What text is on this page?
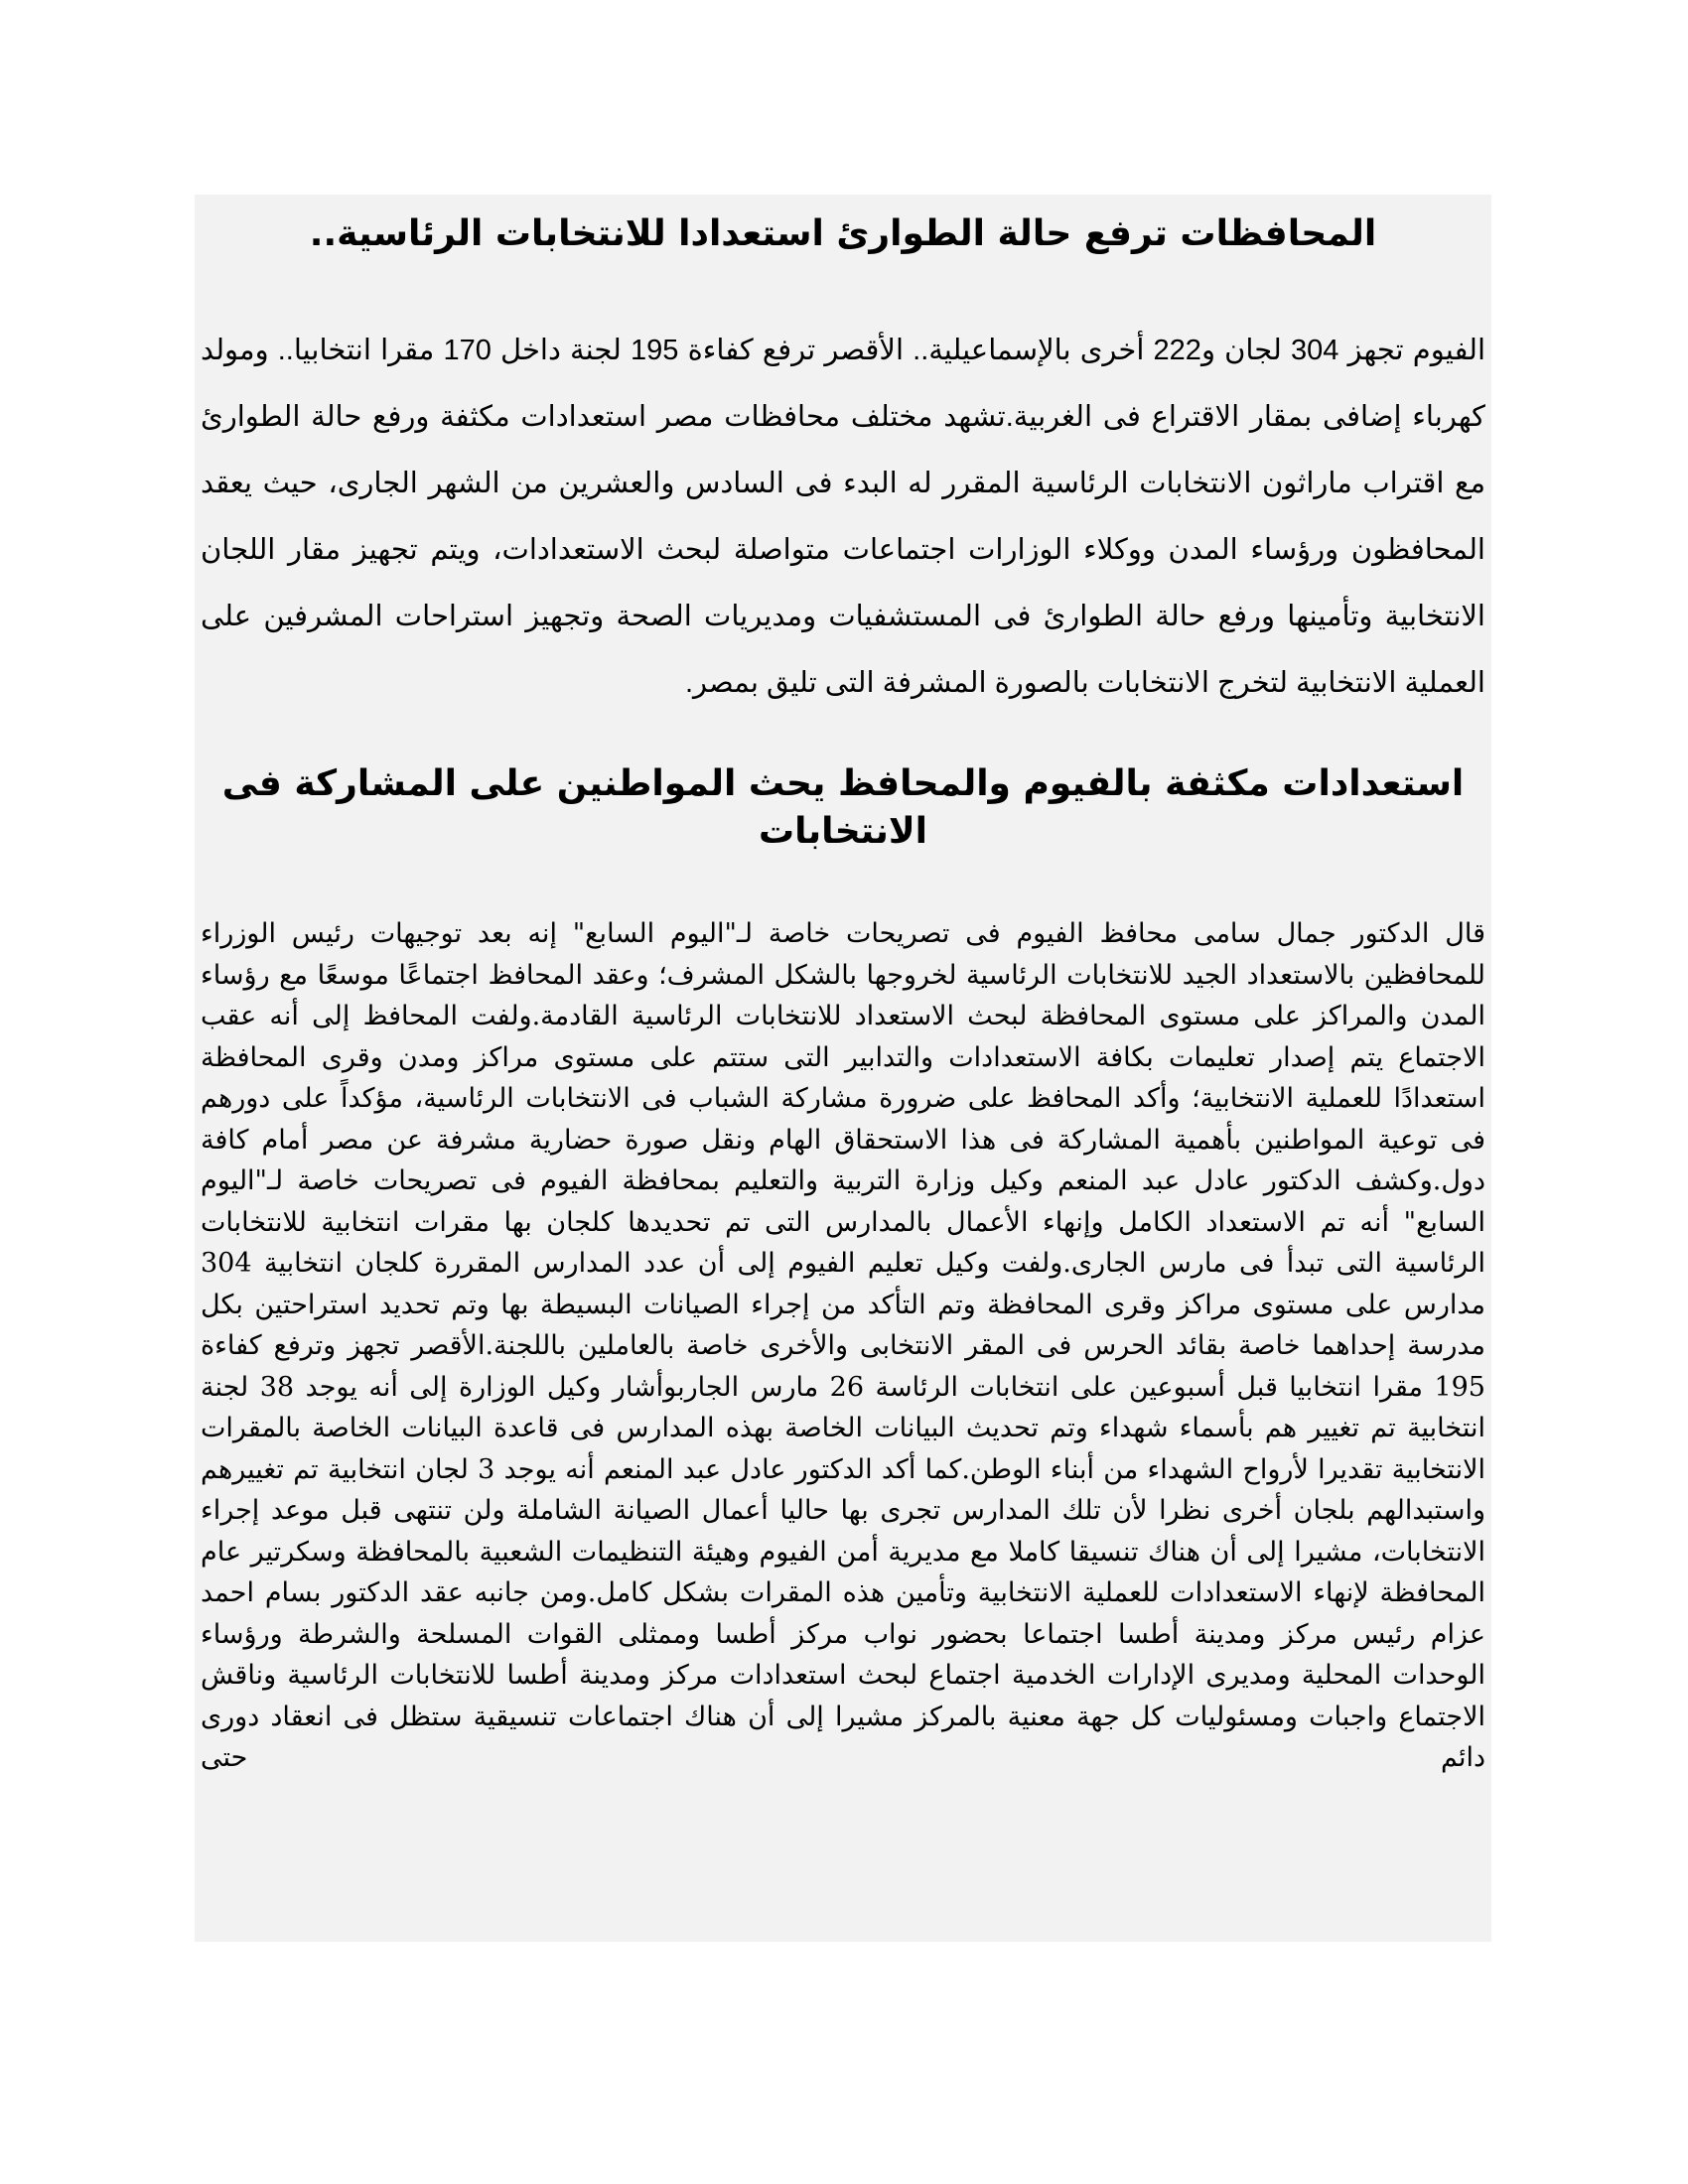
المحافظات ترفع حالة الطوارئ استعدادا للانتخابات الرئاسية..

الفيوم تجهز 304 لجان و222 أخرى بالإسماعيلية.. الأقصر ترفع كفاءة 195 لجنة داخل 170 مقرا انتخابيا.. ومولد كهرباء إضافى بمقار الاقتراع فى الغربية.تشهد مختلف محافظات مصر استعدادات مكثفة ورفع حالة الطوارئ مع اقتراب ماراثون الانتخابات الرئاسية المقرر له البدء فى السادس والعشرين من الشهر الجارى، حيث يعقد المحافظون ورؤساء المدن ووكلاء الوزارات اجتماعات متواصلة لبحث الاستعدادات، ويتم تجهيز مقار اللجان الانتخابية وتأمينها ورفع حالة الطوارئ فى المستشفيات ومديريات الصحة وتجهيز استراحات المشرفين على العملية الانتخابية لتخرج الانتخابات بالصورة المشرفة التى تليق بمصر.

استعدادات مكثفة بالفيوم والمحافظ يحث المواطنين على المشاركة فى الانتخابات

قال الدكتور جمال سامى محافظ الفيوم فى تصريحات خاصة لـ"اليوم السابع" إنه بعد توجيهات رئيس الوزراء للمحافظين بالاستعداد الجيد للانتخابات الرئاسية لخروجها بالشكل المشرف؛ وعقد المحافظ اجتماعًا موسعًا مع رؤساء المدن والمراكز على مستوى المحافظة لبحث الاستعداد للانتخابات الرئاسية القادمة.ولفت المحافظ إلى أنه عقب الاجتماع يتم إصدار تعليمات بكافة الاستعدادات والتدابير التى ستتم على مستوى مراكز ومدن وقرى المحافظة استعدادًا للعملية الانتخابية؛ وأكد المحافظ على ضرورة مشاركة الشباب فى الانتخابات الرئاسية، مؤكداً على دورهم فى توعية المواطنين بأهمية المشاركة فى هذا الاستحقاق الهام ونقل صورة حضارية مشرفة عن مصر أمام كافة دول.وكشف الدكتور عادل عبد المنعم وكيل وزارة التربية والتعليم بمحافظة الفيوم فى تصريحات خاصة لـ"اليوم السابع" أنه تم الاستعداد الكامل وإنهاء الأعمال بالمدارس التى تم تحديدها كلجان بها مقرات انتخابية للانتخابات الرئاسية التى تبدأ فى مارس الجارى.ولفت وكيل تعليم الفيوم إلى أن عدد المدارس المقررة كلجان انتخابية 304 مدارس على مستوى مراكز وقرى المحافظة وتم التأكد من إجراء الصيانات البسيطة بها وتم تحديد استراحتين بكل مدرسة إحداهما خاصة بقائد الحرس فى المقر الانتخابى والأخرى خاصة بالعاملين باللجنة.الأقصر تجهز وترفع كفاءة 195 مقرا انتخابيا قبل أسبوعين على انتخابات الرئاسة 26 مارس الجاربوأشار وكيل الوزارة إلى أنه يوجد 38 لجنة انتخابية تم تغيير هم بأسماء شهداء وتم تحديث البيانات الخاصة بهذه المدارس فى قاعدة البيانات الخاصة بالمقرات الانتخابية تقديرا لأرواح الشهداء من أبناء الوطن.كما أكد الدكتور عادل عبد المنعم أنه يوجد 3 لجان انتخابية تم تغييرهم واستبدالهم بلجان أخرى نظرا لأن تلك المدارس تجرى بها حاليا أعمال الصيانة الشاملة ولن تنتهى قبل موعد إجراء الانتخابات، مشيرا إلى أن هناك تنسيقا كاملا مع مديرية أمن الفيوم وهيئة التنظيمات الشعبية بالمحافظة وسكرتير عام المحافظة لإنهاء الاستعدادات للعملية الانتخابية وتأمين هذه المقرات بشكل كامل.ومن جانبه عقد الدكتور بسام احمد عزام رئيس مركز ومدينة أطسا اجتماعا بحضور نواب مركز أطسا وممثلى القوات المسلحة والشرطة ورؤساء الوحدات المحلية ومديرى الإدارات الخدمية اجتماع لبحث استعدادات مركز ومدينة أطسا للانتخابات الرئاسية وناقش الاجتماع واجبات ومسئوليات كل جهة معنية بالمركز مشيرا إلى أن هناك اجتماعات تنسيقية ستظل فى انعقاد دورى دائم حتى
